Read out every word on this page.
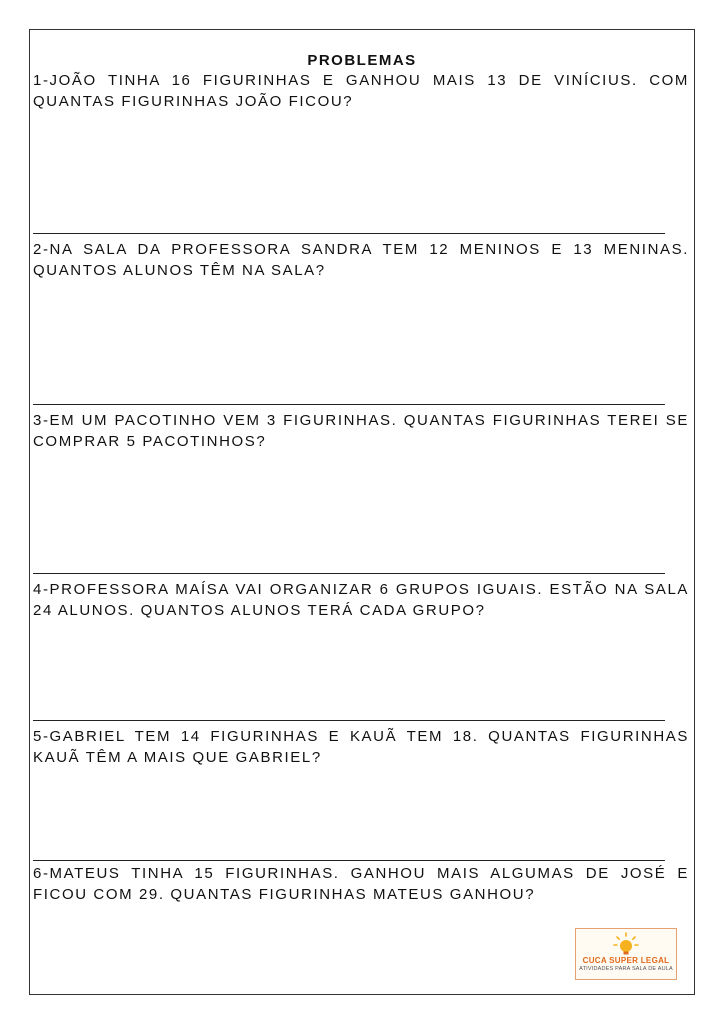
PROBLEMAS
1-JOÃO TINHA 16 FIGURINHAS E GANHOU MAIS 13 DE VINÍCIUS. COM QUANTAS FIGURINHAS JOÃO FICOU?
2-NA SALA DA PROFESSORA SANDRA TEM 12 MENINOS E 13 MENINAS. QUANTOS ALUNOS TÊM NA SALA?
3-EM UM PACOTINHO VEM 3 FIGURINHAS. QUANTAS FIGURINHAS TEREI SE COMPRAR 5 PACOTINHOS?
4-PROFESSORA MAÍSA VAI ORGANIZAR 6 GRUPOS IGUAIS. ESTÃO NA SALA 24 ALUNOS. QUANTOS ALUNOS TERÁ CADA GRUPO?
5-GABRIEL TEM 14 FIGURINHAS E KAUÃ TEM 18. QUANTAS FIGURINHAS KAUÃ TÊM A MAIS QUE GABRIEL?
6-MATEUS TINHA 15 FIGURINHAS. GANHOU MAIS ALGUMAS DE JOSÉ E FICOU COM 29. QUANTAS FIGURINHAS MATEUS GANHOU?
CUCA SUPER LEGAL
ATIVIDADES PARA SALA DE AULA
